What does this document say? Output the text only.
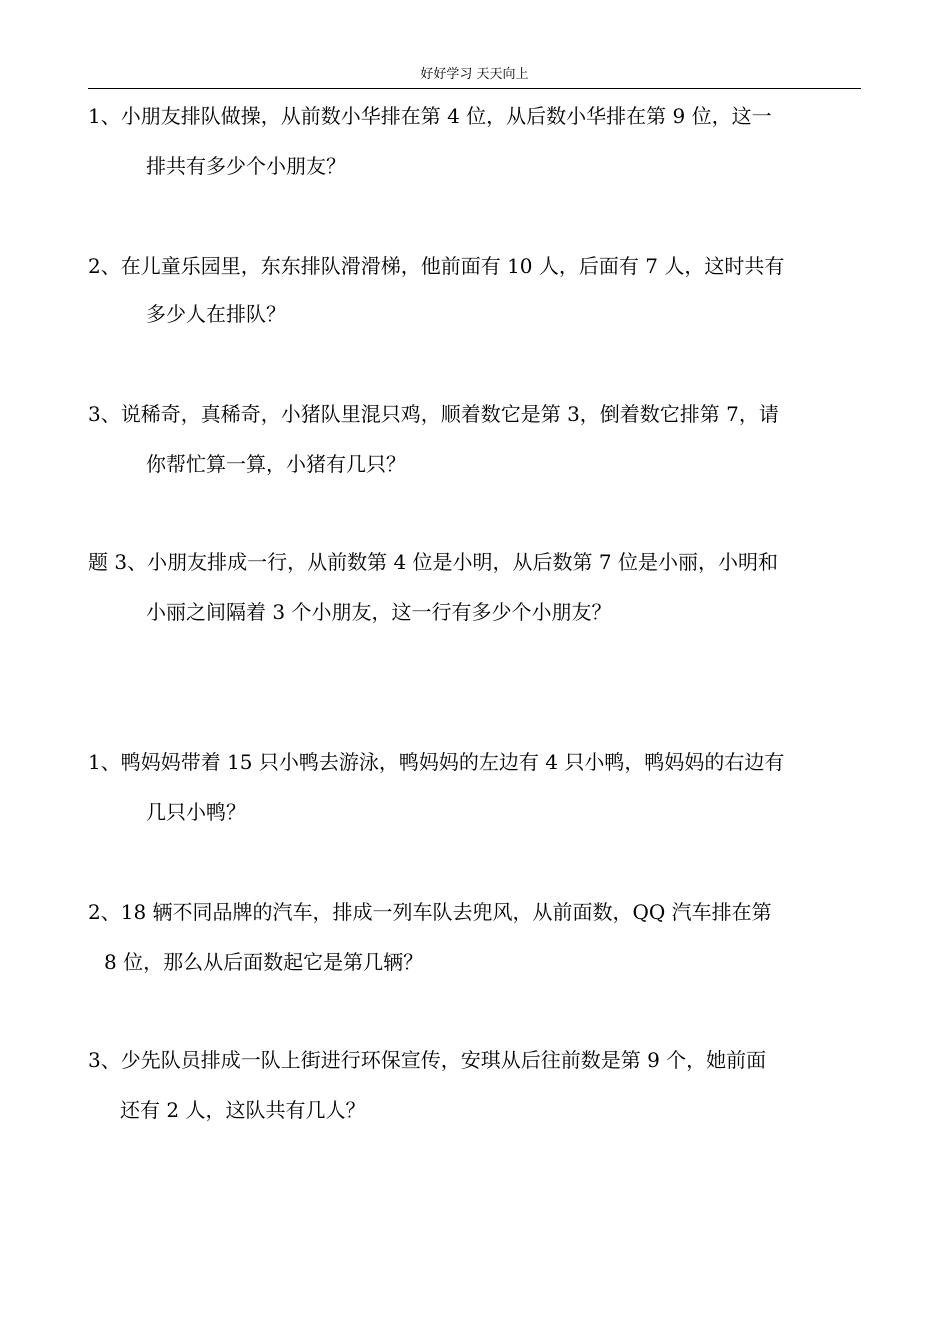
好好学习 天天向上
1、小朋友排队做操，从前数小华排在第 4 位，从后数小华排在第 9 位，这一
排共有多少个小朋友？
2、在儿童乐园里，东东排队滑滑梯，他前面有 10 人，后面有 7 人，这时共有
多少人在排队？
3、说稀奇，真稀奇，小猪队里混只鸡，顺着数它是第 3，倒着数它排第 7，请
你帮忙算一算，小猪有几只？
题 3、小朋友排成一行，从前数第 4 位是小明，从后数第 7 位是小丽，小明和
小丽之间隔着 3 个小朋友，这一行有多少个小朋友？
1、鸭妈妈带着 15 只小鸭去游泳，鸭妈妈的左边有 4 只小鸭，鸭妈妈的右边有
几只小鸭？
2、18 辆不同品牌的汽车，排成一列车队去兜风，从前面数，QQ 汽车排在第
8 位，那么从后面数起它是第几辆？
3、少先队员排成一队上街进行环保宣传，安琪从后往前数是第 9 个，她前面
还有 2 人，这队共有几人？
